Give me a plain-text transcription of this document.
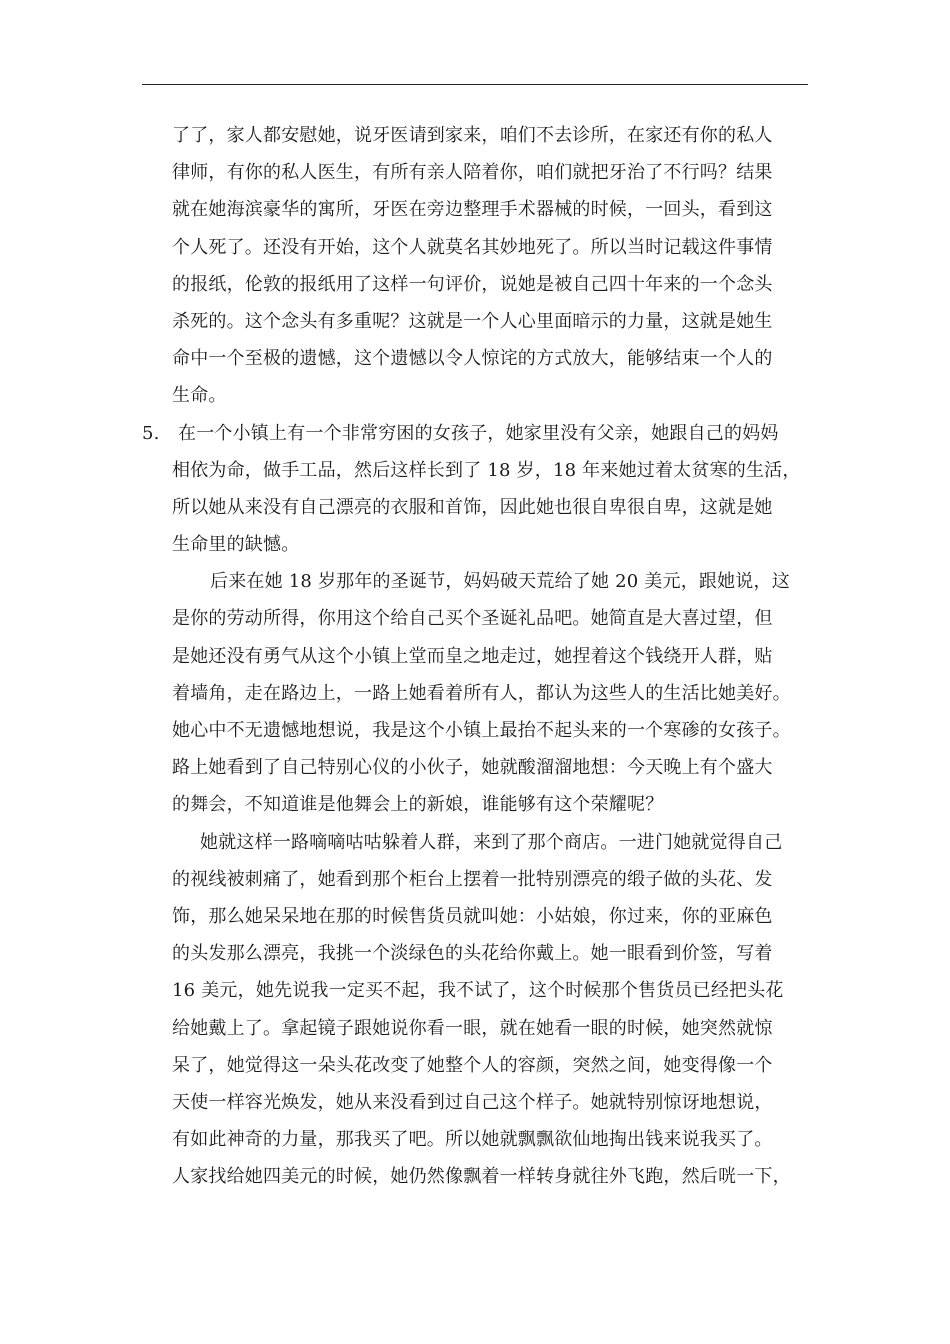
了了，家人都安慰她，说牙医请到家来，咱们不去诊所，在家还有你的私人
律师，有你的私人医生，有所有亲人陪着你，咱们就把牙治了不行吗？结果
就在她海滨豪华的寓所，牙医在旁边整理手术器械的时候，一回头，看到这
个人死了。还没有开始，这个人就莫名其妙地死了。所以当时记载这件事情
的报纸，伦敦的报纸用了这样一句评价，说她是被自己四十年来的一个念头
杀死的。这个念头有多重呢？这就是一个人心里面暗示的力量，这就是她生
命中一个至极的遗憾，这个遗憾以令人惊诧的方式放大，能够结束一个人的
生命。
5. 在一个小镇上有一个非常穷困的女孩子，她家里没有父亲，她跟自己的妈妈
相依为命，做手工品，然后这样长到了 18 岁，18 年来她过着太贫寒的生活，
所以她从来没有自己漂亮的衣服和首饰，因此她也很自卑很自卑，这就是她
生命里的缺憾。
后来在她 18 岁那年的圣诞节，妈妈破天荒给了她 20 美元，跟她说，这
是你的劳动所得，你用这个给自己买个圣诞礼品吧。她简直是大喜过望，但
是她还没有勇气从这个小镇上堂而皇之地走过，她捏着这个钱绕开人群，贴
着墙角，走在路边上，一路上她看着所有人，都认为这些人的生活比她美好。
她心中不无遗憾地想说，我是这个小镇上最抬不起头来的一个寒碜的女孩子。
路上她看到了自己特别心仪的小伙子，她就酸溜溜地想：今天晚上有个盛大
的舞会，不知道谁是他舞会上的新娘，谁能够有这个荣耀呢？
她就这样一路嘀嘀咕咕躲着人群，来到了那个商店。一进门她就觉得自己
的视线被刺痛了，她看到那个柜台上摆着一批特别漂亮的缎子做的头花、发
饰，那么她呆呆地在那的时候售货员就叫她：小姑娘，你过来，你的亚麻色
的头发那么漂亮，我挑一个淡绿色的头花给你戴上。她一眼看到价签，写着
16 美元，她先说我一定买不起，我不试了，这个时候那个售货员已经把头花
给她戴上了。拿起镜子跟她说你看一眼，就在她看一眼的时候，她突然就惊
呆了，她觉得这一朵头花改变了她整个人的容颜，突然之间，她变得像一个
天使一样容光焕发，她从来没看到过自己这个样子。她就特别惊讶地想说，
有如此神奇的力量，那我买了吧。所以她就飘飘欲仙地掏出钱来说我买了。
人家找给她四美元的时候，她仍然像飘着一样转身就往外飞跑，然后咣一下，
